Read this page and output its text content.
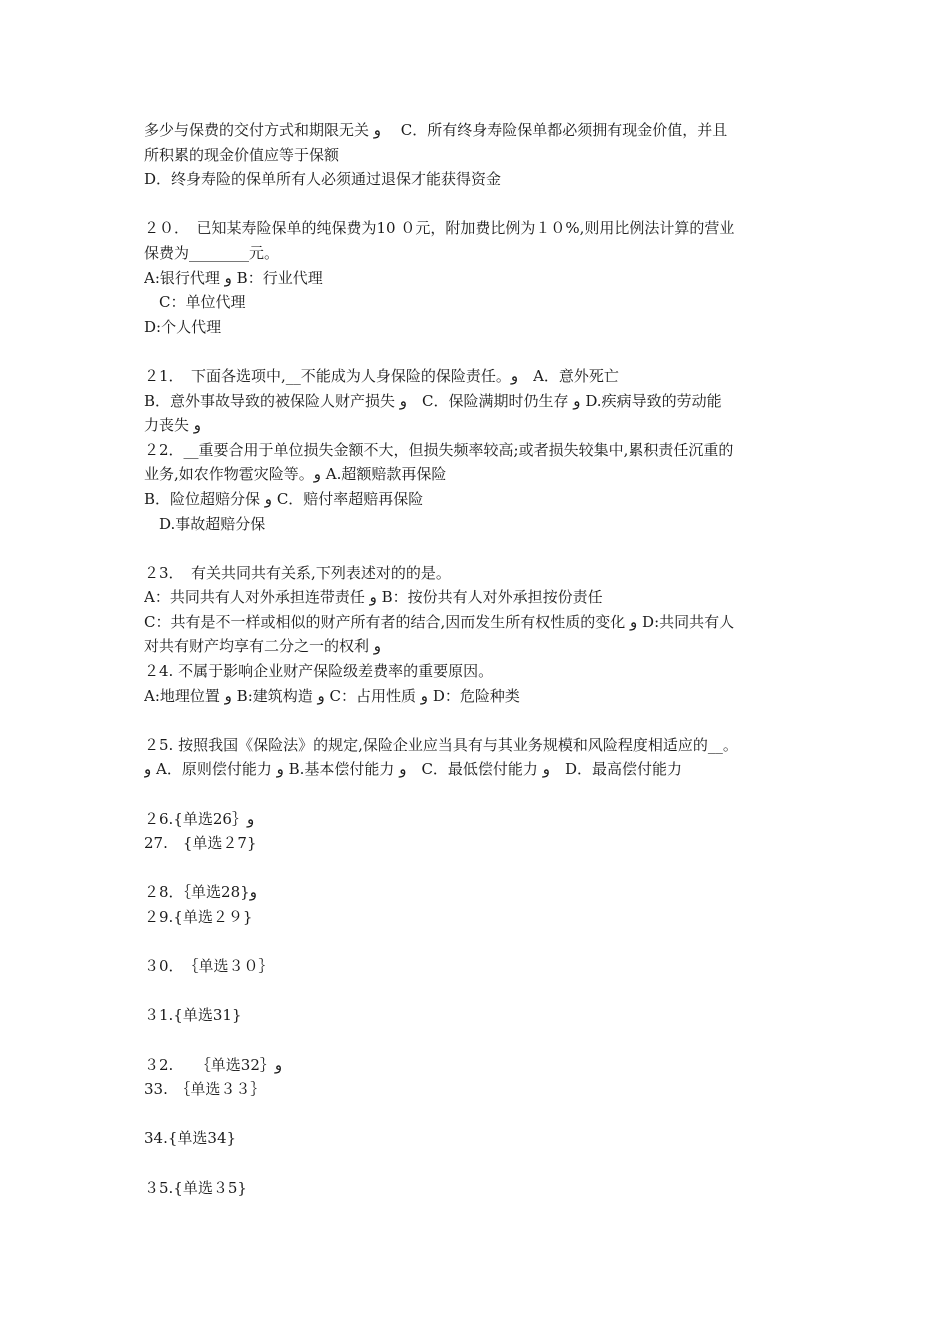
多少与保费的交付方式和期限无关 ﻿و　 C．所有终身寿险保单都必须拥有现金价值，并且
所积累的现金价值应等于保额
D．终身寿险的保单所有人必须通过退保才能获得资金
２０．　已知某寿险保单的纯保费为10 ０元，附加费比例为１０%,则用比例法计算的营业
保费为________元。
A:银行代理 و B：行业代理
　C：单位代理
D:个人代理
２1．　下面各选项中,__不能成为人身保险的保险责任。و　A．意外死亡
B．意外事故导致的被保险人财产损失 و　C．保险满期时仍生存 و D.疾病导致的劳动能
力丧失 و
２2．__重要合用于单位损失金额不大，但损失频率较高;或者损失较集中,累积责任沉重的
业务,如农作物雹灾险等。و A.超额赔款再保险
B．险位超赔分保 و C．赔付率超赔再保险
　D.事故超赔分保
２3．　有关共同共有关系,下列表述对的的是。
A：共同共有人对外承担连带责任 و B：按份共有人对外承担按份责任
C：共有是不一样或相似的财产所有者的结合,因而发生所有权性质的变化 و D:共同共有人
对共有财产均享有二分之一的权利 و
２4. 不属于影响企业财产保险级差费率的重要原因。
A:地理位置 و B:建筑构造 و C：占用性质 و D：危险种类
２5. 按照我国《保险法》的规定,保险企业应当具有与其业务规模和风险程度相适应的__。
و A．原则偿付能力 و B.基本偿付能力 و　C．最低偿付能力 و　D．最高偿付能力
２6.{单选26｝و
27.　{单选２7}
２8．｛单选28}و
２9.{单选２９}
３0．　｛单选３０｝
３1.{单选31}
３2.　　｛单选32｝و
33.　｛单选３３｝
34.{单选34}
３5.{单选３5}
